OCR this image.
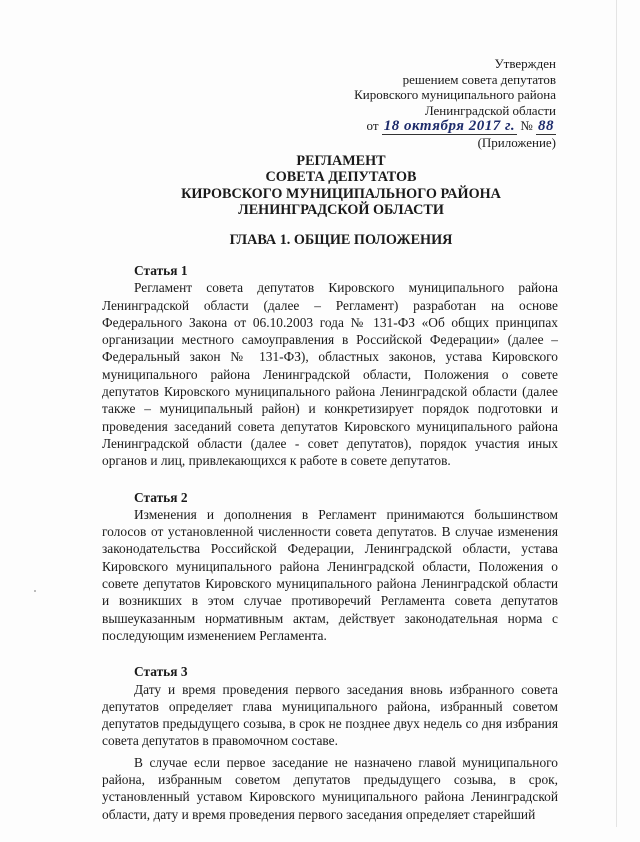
Утвержден
решением совета депутатов
Кировского муниципального района
Ленинградской области
от 18 октября 2017 г. № 88
(Приложение)
РЕГЛАМЕНТ
СОВЕТА ДЕПУТАТОВ
КИРОВСКОГО МУНИЦИПАЛЬНОГО РАЙОНА
ЛЕНИНГРАДСКОЙ ОБЛАСТИ
ГЛАВА 1. ОБЩИЕ ПОЛОЖЕНИЯ
Статья 1

Регламент совета депутатов Кировского муниципального района Ленинградской области (далее – Регламент) разработан на основе Федерального Закона от 06.10.2003 года № 131-ФЗ «Об общих принципах организации местного самоуправления в Российской Федерации» (далее – Федеральный закон № 131-ФЗ), областных законов, устава Кировского муниципального района Ленинградской области, Положения о совете депутатов Кировского муниципального района Ленинградской области (далее также – муниципальный район) и конкретизирует порядок подготовки и проведения заседаний совета депутатов Кировского муниципального района Ленинградской области (далее - совет депутатов), порядок участия иных органов и лиц, привлекающихся к работе в совете депутатов.

Статья 2

Изменения и дополнения в Регламент принимаются большинством голосов от установленной численности совета депутатов. В случае изменения законодательства Российской Федерации, Ленинградской области, устава Кировского муниципального района Ленинградской области, Положения о совете депутатов Кировского муниципального района Ленинградской области и возникших в этом случае противоречий Регламента совета депутатов вышеуказанным нормативным актам, действует законодательная норма с последующим изменением Регламента.

Статья 3

Дату и время проведения первого заседания вновь избранного совета депутатов определяет глава муниципального района, избранный советом депутатов предыдущего созыва, в срок не позднее двух недель со дня избрания совета депутатов в правомочном составе.

В случае если первое заседание не назначено главой муниципального района, избранным советом депутатов предыдущего созыва, в срок, установленный уставом Кировского муниципального района Ленинградской области, дату и время проведения первого заседания определяет старейший
